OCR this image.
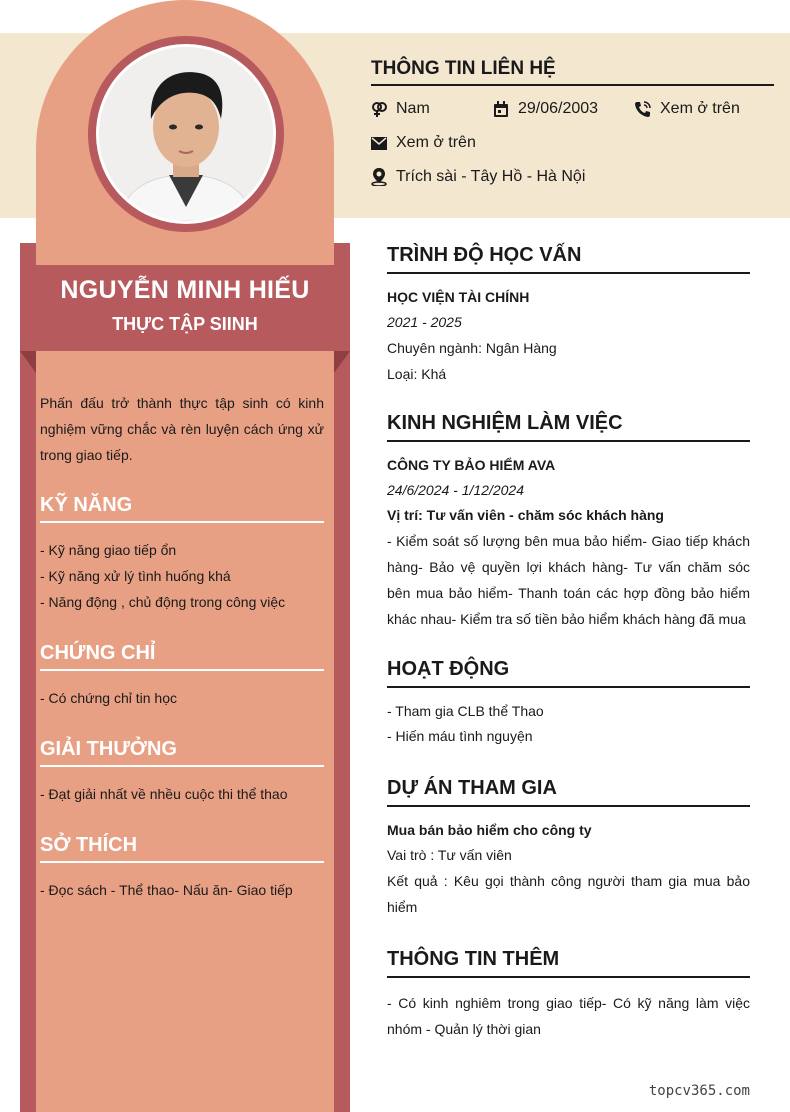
NGUYỄN MINH HIẾU
THỰC TẬP SIINH
Phấn đấu trở thành thực tập sinh có kinh nghiệm vững chắc và rèn luyện cách ứng xử trong giao tiếp.
KỸ NĂNG
- Kỹ năng giao tiếp ổn
- Kỹ năng xử lý tình huống khá
- Năng động , chủ động trong công việc
CHỨNG CHỈ
- Có chứng chỉ tin học
GIẢI THƯỞNG
- Đạt giải nhất về nhều cuộc thi thể thao
SỞ THÍCH
- Đọc sách - Thể thao- Nấu ăn- Giao tiếp
THÔNG TIN LIÊN HỆ
Nam	29/06/2003	Xem ở trên
Xem ở trên
Trích sài - Tây Hồ - Hà Nội
TRÌNH ĐỘ HỌC VẤN
HỌC VIỆN TÀI CHÍNH
2021 - 2025
Chuyên ngành: Ngân Hàng
Loại: Khá
KINH NGHIỆM LÀM VIỆC
CÔNG TY BẢO HIỂM AVA
24/6/2024 - 1/12/2024
Vị trí: Tư vấn viên - chăm sóc khách hàng
- Kiểm soát số lượng bên mua bảo hiểm- Giao tiếp khách hàng- Bảo vệ quyền lợi khách hàng- Tư vấn chăm sóc bên mua bảo hiểm- Thanh toán các hợp đồng bảo hiểm khác nhau- Kiểm tra số tiền bảo hiểm khách hàng đã mua
HOẠT ĐỘNG
- Tham gia CLB thể Thao
- Hiến máu tình nguyện
DỰ ÁN THAM GIA
Mua bán bảo hiểm cho công ty
Vai trò : Tư vấn viên
Kết quả : Kêu gọi thành công người tham gia mua bảo hiểm
THÔNG TIN THÊM
- Có kinh nghiêm trong giao tiếp- Có kỹ năng làm việc nhóm - Quản lý thời gian
topcv365.com
